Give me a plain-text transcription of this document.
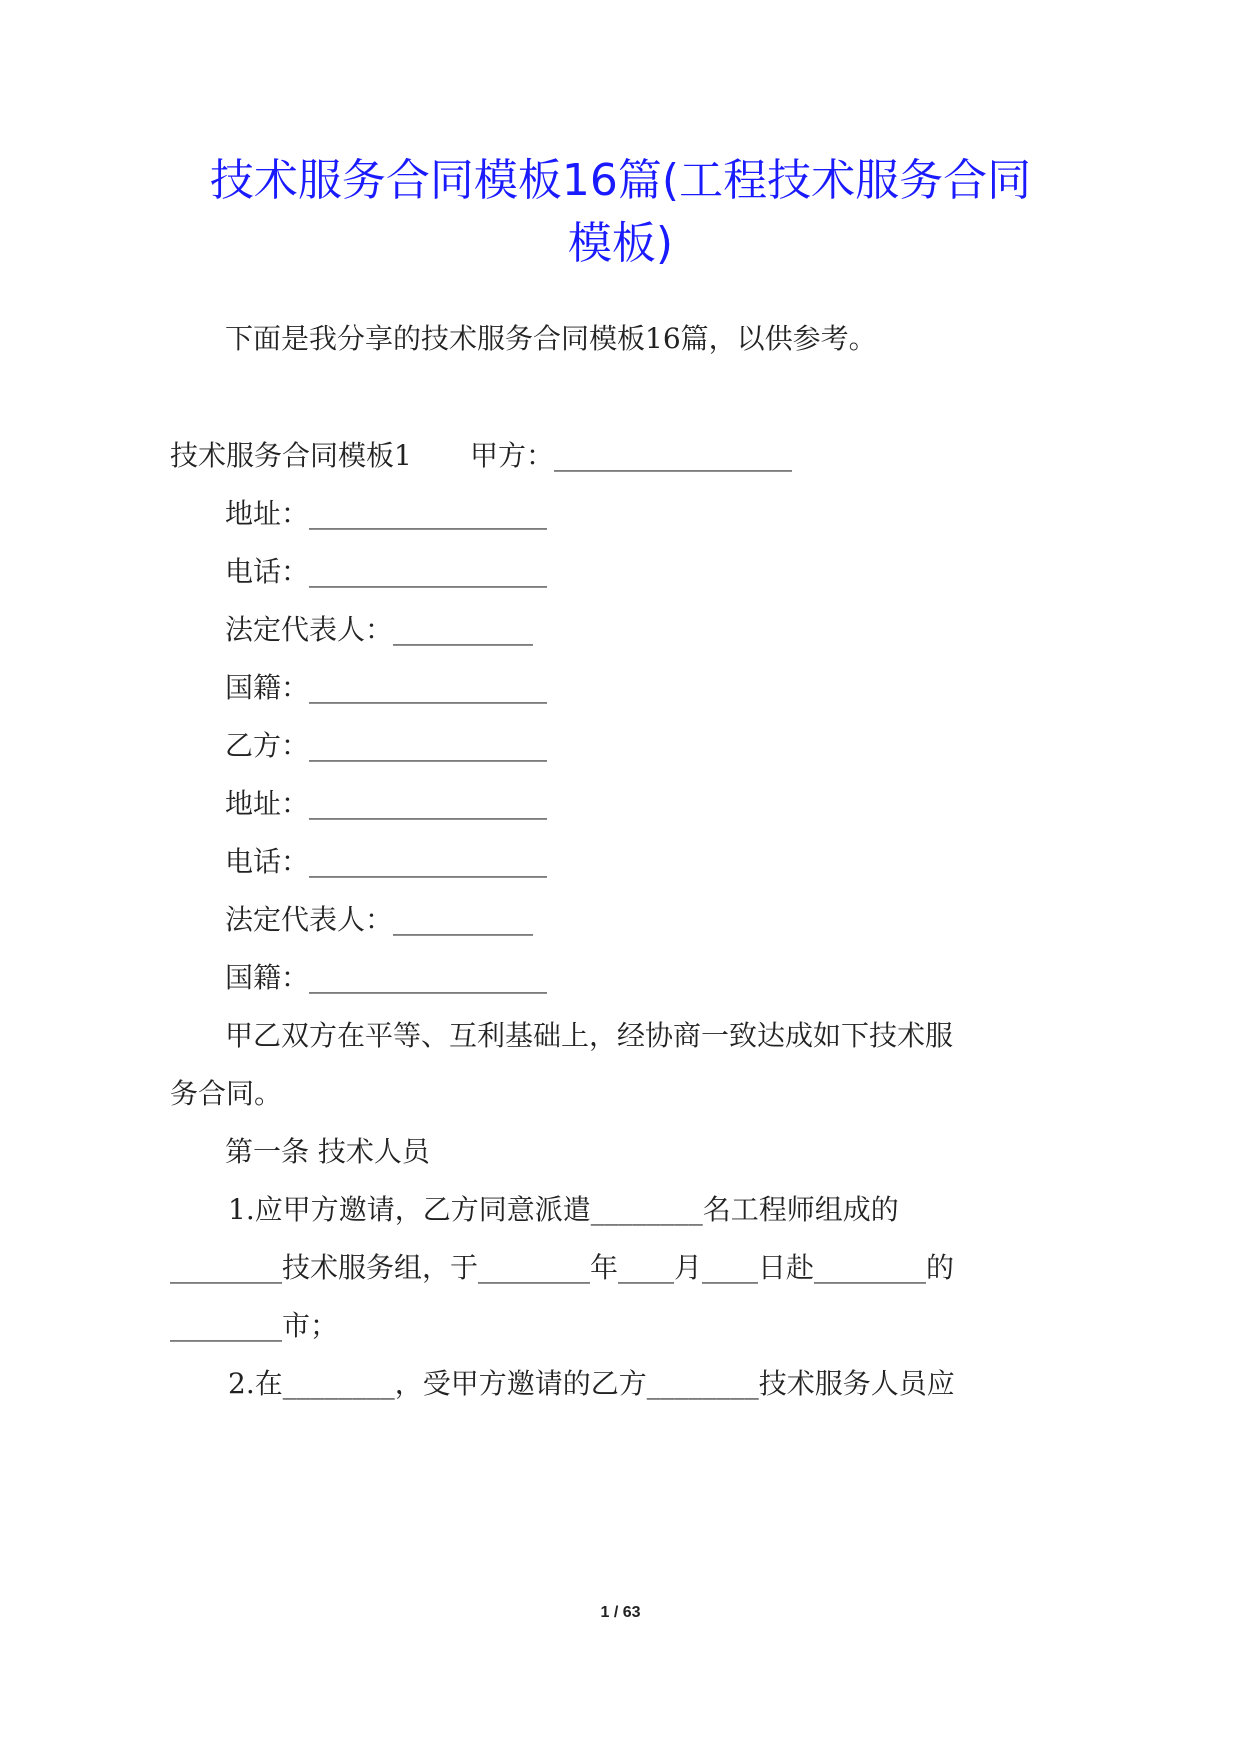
技术服务合同模板16篇(工程技术服务合同
模板)

下面是我分享的技术服务合同模板16篇，以供参考。

技术服务合同模板1 甲方：_________________

地址：_________________

电话：_________________

法定代表人：__________

国籍：_________________

乙方：_________________

地址：_________________

电话：_________________

法定代表人：__________

国籍：_________________

甲乙双方在平等、互利基础上，经协商一致达成如下技术服

务合同。

第一条 技术人员

1.应甲方邀请，乙方同意派遣________名工程师组成的

________技术服务组，于________年____月____日赴________的

________市；

2.在________，受甲方邀请的乙方________技术服务人员应

1 / 63
